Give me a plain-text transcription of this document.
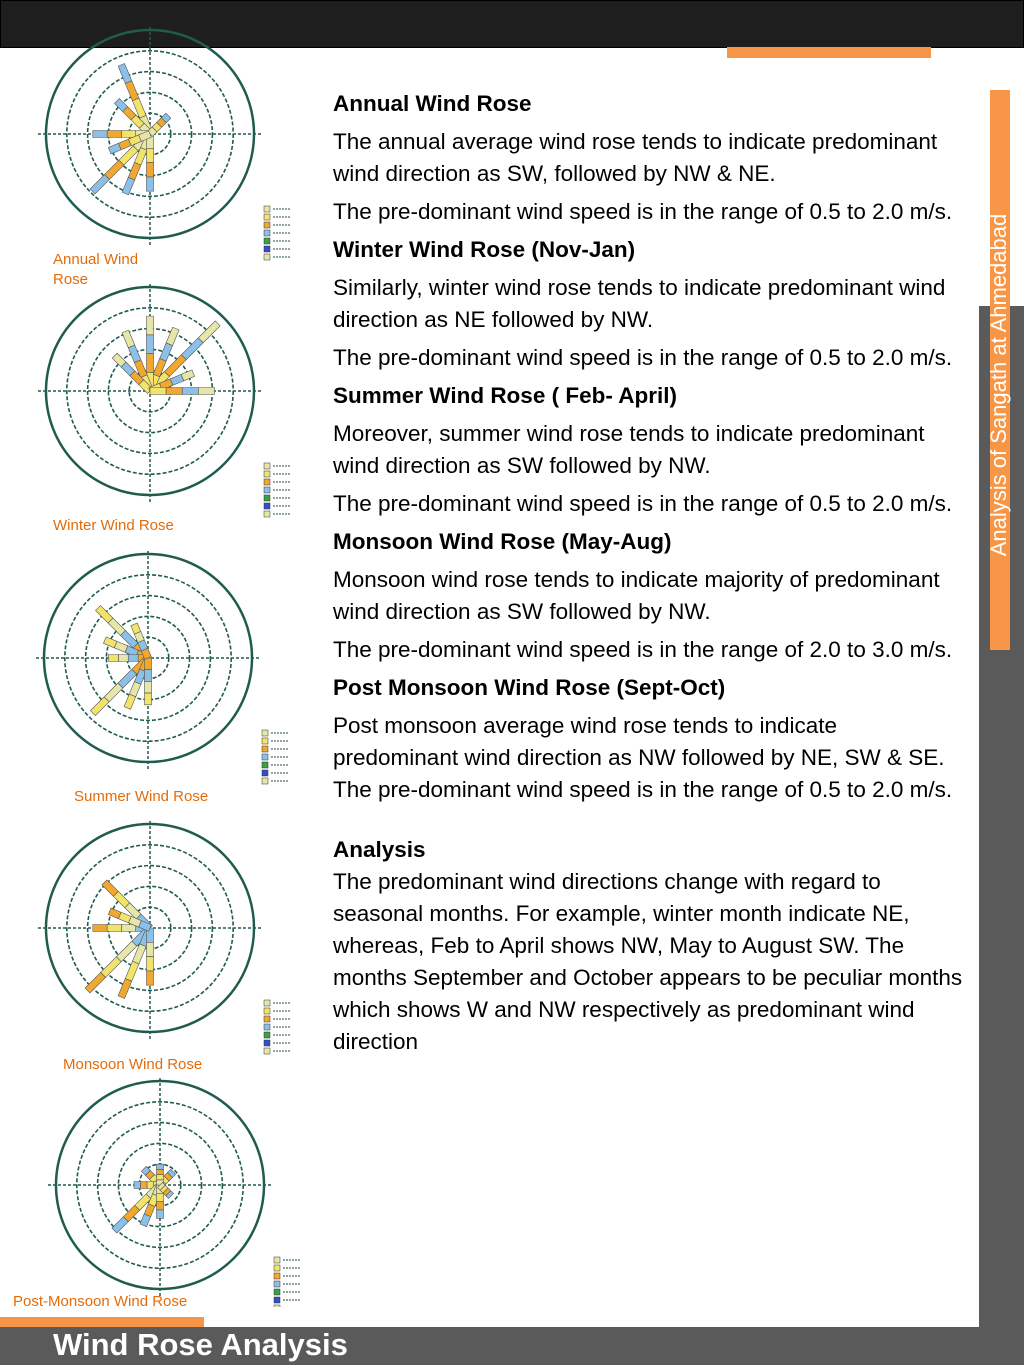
Analysis of Sangath at Ahmedabad
Annual Wind Rose
Winter Wind Rose
Summer Wind Rose
Monsoon Wind Rose
Post-Monsoon Wind Rose
Annual Wind Rose

The annual average wind rose tends to indicate predominant wind direction as SW, followed by NW & NE.

The pre-dominant wind speed is in the range of 0.5 to 2.0 m/s.

Winter Wind Rose (Nov-Jan)

Similarly, winter wind rose tends to indicate predominant wind direction as NE followed by NW.

The pre-dominant wind speed is in the range of 0.5 to 2.0 m/s.

Summer Wind Rose ( Feb- April)

Moreover, summer wind rose tends to indicate predominant wind direction as SW followed by NW.

The pre-dominant wind speed is in the range of 0.5 to 2.0 m/s.

Monsoon Wind Rose (May-Aug)

Monsoon wind rose tends to indicate majority of predominant wind direction as SW followed by NW.

The pre-dominant wind speed is in the range of 2.0 to 3.0 m/s.

Post Monsoon Wind Rose (Sept-Oct)

Post monsoon average wind rose tends to indicate predominant wind direction as NW followed by NE, SW & SE.

The pre-dominant wind speed is in the range of 0.5 to 2.0 m/s.

Analysis

The predominant wind directions change with regard to seasonal months. For example, winter month indicate NE, whereas, Feb to April shows NW, May to August SW. The months September and October appears to be peculiar months which shows W and NW respectively as predominant wind direction

Wind Rose Analysis
